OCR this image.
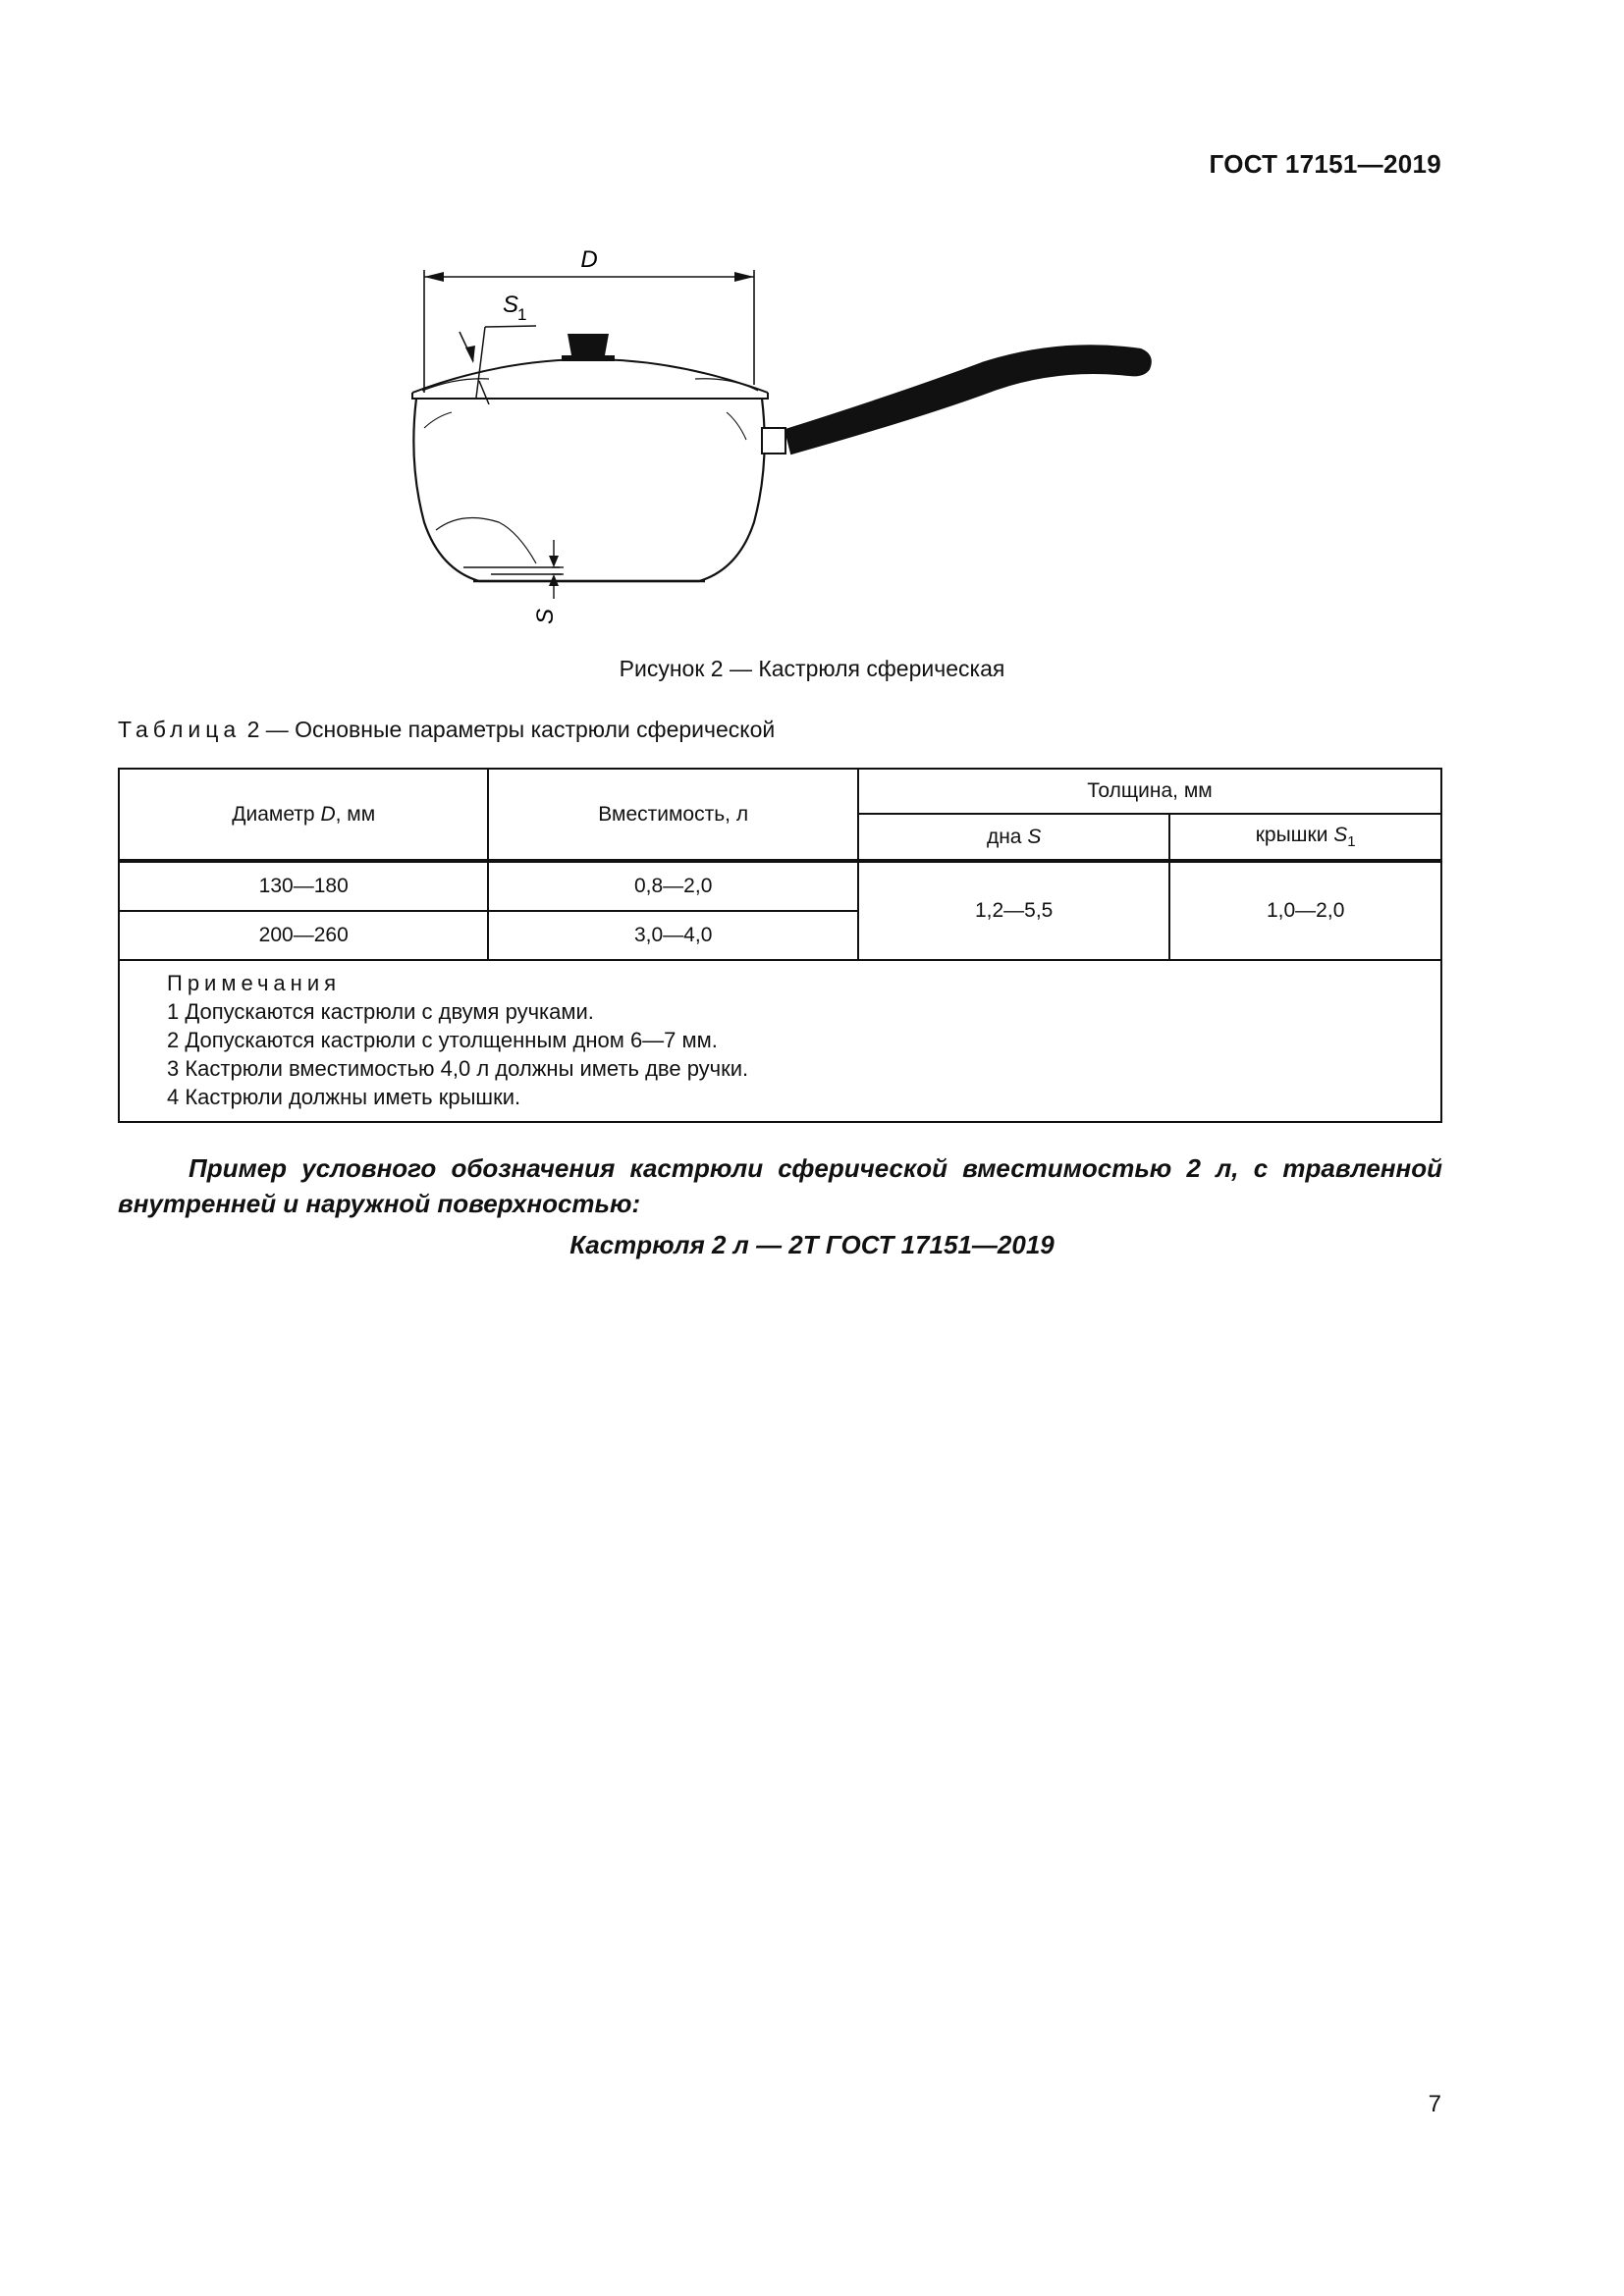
ГОСТ 17151—2019
D
S
1
S
Рисунок 2 — Кастрюля сферическая
Таблица 2 — Основные параметры кастрюли сферической
Диаметр D, мм	Вместимость, л	Толщина, мм	
		дна S	крышки $S_1$
130—180	0,8—2,0	1,2—5,5	1,0—2,0
200—260	3,0—4,0		

Примечания
1 Допускаются кастрюли с двумя ручками.
2 Допускаются кастрюли с утолщенным дном 6—7 мм.
3 Кастрюли вместимостью 4,0 л должны иметь две ручки.
4 Кастрюли должны иметь крышки.			
Пример условного обозначения кастрюли сферической вместимостью 2 л, с травленной внутренней и наружной поверхностью:
Кастрюля 2 л — 2Т ГОСТ 17151—2019
7
